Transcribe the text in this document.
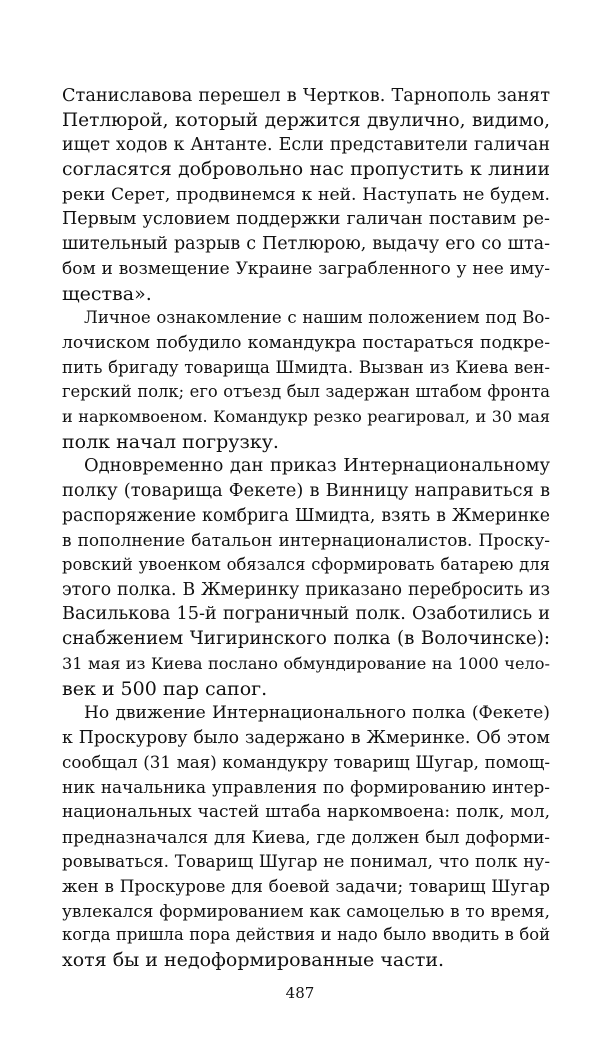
Станиславова перешел в Чертков. Тарнополь занят
Петлюрой, который держится двулично, видимо,
ищет ходов к Антанте. Если представители галичан
согласятся добровольно нас пропустить к линии
реки Серет, продвинемся к ней. Наступать не будем.
Первым условием поддержки галичан поставим ре-
шительный разрыв с Петлюрою, выдачу его со шта-
бом и возмещение Украине заграбленного у нее иму-
щества».
Личное ознакомление с нашим положением под Во-
лочиском побудило командукра постараться подкре-
пить бригаду товарища Шмидта. Вызван из Киева вен-
герский полк; его отъезд был задержан штабом фронта
и наркомвоеном. Командукр резко реагировал, и 30 мая
полк начал погрузку.
Одновременно дан приказ Интернациональному
полку (товарища Фекете) в Винницу направиться в
распоряжение комбрига Шмидта, взять в Жмеринке
в пополнение батальон интернационалистов. Проску-
ровский увоенком обязался сформировать батарею для
этого полка. В Жмеринку приказано перебросить из
Василькова 15-й пограничный полк. Озаботились и
снабжением Чигиринского полка (в Волочинске):
31 мая из Киева послано обмундирование на 1000 чело-
век и 500 пар сапог.
Но движение Интернационального полка (Фекете)
к Проскурову было задержано в Жмеринке. Об этом
сообщал (31 мая) командукру товарищ Шугар, помощ-
ник начальника управления по формированию интер-
национальных частей штаба наркомвоена: полк, мол,
предназначался для Киева, где должен был доформи-
ровываться. Товарищ Шугар не понимал, что полк ну-
жен в Проскурове для боевой задачи; товарищ Шугар
увлекался формированием как самоцелью в то время,
когда пришла пора действия и надо было вводить в бой
хотя бы и недоформированные части.
487
